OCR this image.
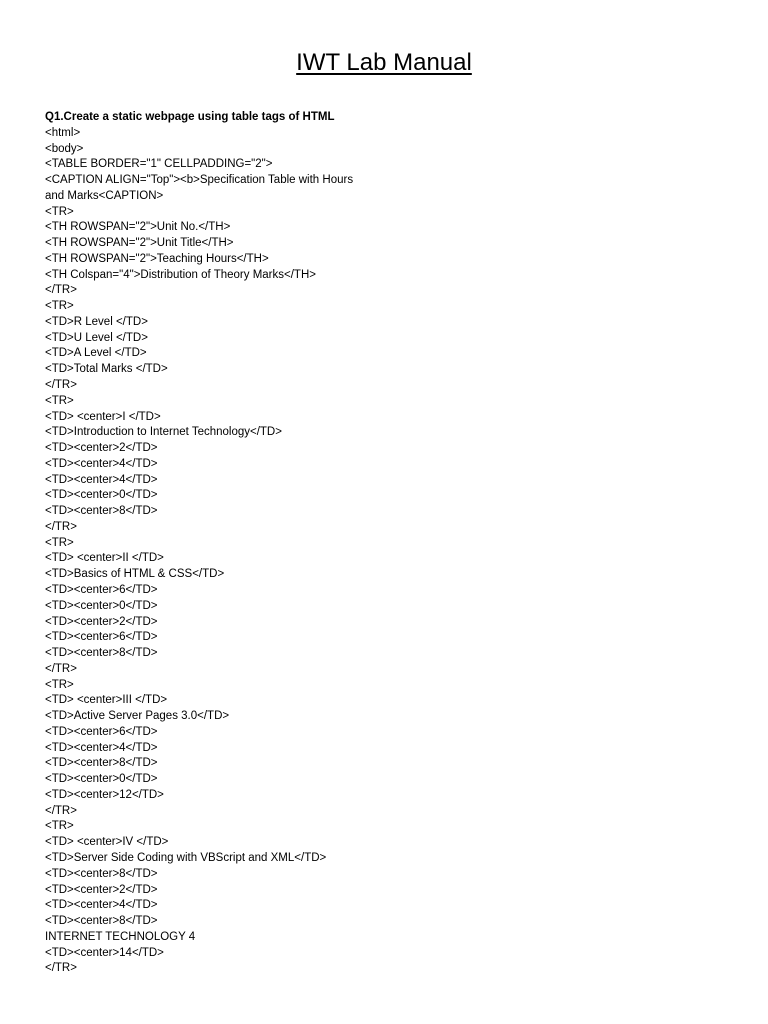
IWT Lab Manual
Q1.Create a static webpage using table tags of HTML
<html>
<body>
<TABLE BORDER="1" CELLPADDING="2">
<CAPTION ALIGN="Top"><b>Specification Table with Hours
and Marks<CAPTION>
<TR>
<TH ROWSPAN="2">Unit No.</TH>
<TH ROWSPAN="2">Unit Title</TH>
<TH ROWSPAN="2">Teaching Hours</TH>
<TH Colspan="4">Distribution of Theory Marks</TH>
</TR>
<TR>
<TD>R Level </TD>
<TD>U Level </TD>
<TD>A Level </TD>
<TD>Total Marks </TD>
</TR>
<TR>
<TD> <center>I </TD>
<TD>Introduction to Internet Technology</TD>
<TD><center>2</TD>
<TD><center>4</TD>
<TD><center>4</TD>
<TD><center>0</TD>
<TD><center>8</TD>
</TR>
<TR>
<TD> <center>II </TD>
<TD>Basics of HTML & CSS</TD>
<TD><center>6</TD>
<TD><center>0</TD>
<TD><center>2</TD>
<TD><center>6</TD>
<TD><center>8</TD>
</TR>
<TR>
<TD> <center>III </TD>
<TD>Active Server Pages 3.0</TD>
<TD><center>6</TD>
<TD><center>4</TD>
<TD><center>8</TD>
<TD><center>0</TD>
<TD><center>12</TD>
</TR>
<TR>
<TD> <center>IV </TD>
<TD>Server Side Coding with VBScript and XML</TD>
<TD><center>8</TD>
<TD><center>2</TD>
<TD><center>4</TD>
<TD><center>8</TD>
INTERNET TECHNOLOGY 4
<TD><center>14</TD>
</TR>
